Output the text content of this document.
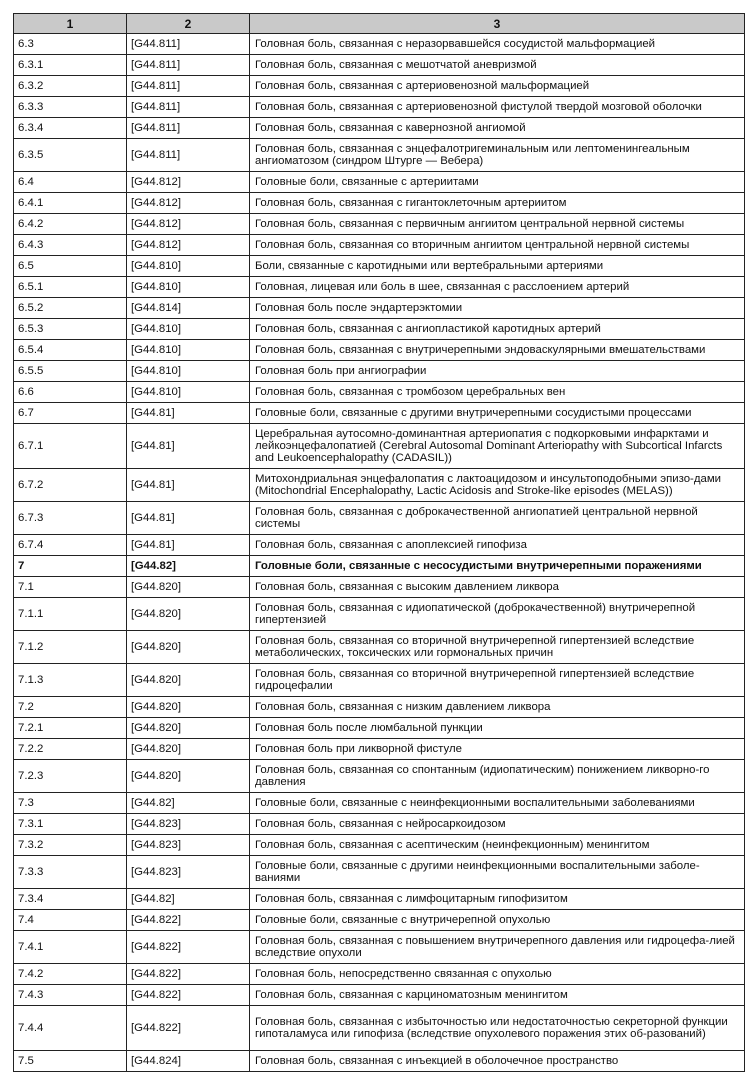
1	2	3
6.3	[G44.811]	Головная боль, связанная с неразорвавшейся сосудистой мальформацией
6.3.1	[G44.811]	Головная боль, связанная с мешотчатой аневризмой
6.3.2	[G44.811]	Головная боль, связанная с артериовенозной мальформацией
6.3.3	[G44.811]	Головная боль, связанная с артериовенозной фистулой твердой мозговой оболочки
6.3.4	[G44.811]	Головная боль, связанная с кавернозной ангиомой
6.3.5	[G44.811]	Головная боль, связанная с энцефалотригеминальным или лептоменингеальным ангиоматозом (синдром Штурге — Вебера)
6.4	[G44.812]	Головные боли, связанные с артериитами
6.4.1	[G44.812]	Головная боль, связанная с гигантоклеточным артериитом
6.4.2	[G44.812]	Головная боль, связанная с первичным ангиитом центральной нервной системы
6.4.3	[G44.812]	Головная боль, связанная со вторичным ангиитом центральной нервной системы
6.5	[G44.810]	Боли, связанные с каротидными или вертебральными артериями
6.5.1	[G44.810]	Головная, лицевая или боль в шее, связанная с расслоением артерий
6.5.2	[G44.814]	Головная боль после эндартерэктомии
6.5.3	[G44.810]	Головная боль, связанная с ангиопластикой каротидных артерий
6.5.4	[G44.810]	Головная боль, связанная с внутричерепными эндоваскулярными вмешательствами
6.5.5	[G44.810]	Головная боль при ангиографии
6.6	[G44.810]	Головная боль, связанная с тромбозом церебральных вен
6.7	[G44.81]	Головные боли, связанные с другими внутричерепными сосудистыми процессами
6.7.1	[G44.81]	Церебральная аутосомно-доминантная артериопатия с подкорковыми инфарктами и лейкоэнцефалопатией (Cerebral Autosomal Dominant Arteriopathy with Subcortical Infarcts and Leukoencephalopathy (CADASIL))
6.7.2	[G44.81]	Митохондриальная энцефалопатия с лактоацидозом и инсультоподобными эпизо-дами (Mitochondrial Encephalopathy, Lactic Acidosis and Stroke-like episodes (MELAS))
6.7.3	[G44.81]	Головная боль, связанная с доброкачественной ангиопатией центральной нервной системы
6.7.4	[G44.81]	Головная боль, связанная с апоплексией гипофиза
7	[G44.82]	Головные боли, связанные с несосудистыми внутричерепными поражениями
7.1	[G44.820]	Головная боль, связанная с высоким давлением ликвора
7.1.1	[G44.820]	Головная боль, связанная с идиопатической (доброкачественной) внутричерепной гипертензией
7.1.2	[G44.820]	Головная боль, связанная со вторичной внутричерепной гипертензией вследствие метаболических, токсических или гормональных причин
7.1.3	[G44.820]	Головная боль, связанная со вторичной внутричерепной гипертензией вследствие гидроцефалии
7.2	[G44.820]	Головная боль, связанная с низким давлением ликвора
7.2.1	[G44.820]	Головная боль после люмбальной пункции
7.2.2	[G44.820]	Головная боль при ликворной фистуле
7.2.3	[G44.820]	Головная боль, связанная со спонтанным (идиопатическим) понижением ликворно-го давления
7.3	[G44.82]	Головные боли, связанные с неинфекционными воспалительными заболеваниями
7.3.1	[G44.823]	Головная боль, связанная с нейросаркоидозом
7.3.2	[G44.823]	Головная боль, связанная с асептическим (неинфекционным) менингитом
7.3.3	[G44.823]	Головные боли, связанные с другими неинфекционными воспалительными заболе-ваниями
7.3.4	[G44.82]	Головная боль, связанная с лимфоцитарным гипофизитом
7.4	[G44.822]	Головные боли, связанные с внутричерепной опухолью
7.4.1	[G44.822]	Головная боль, связанная с повышением внутричерепного давления или гидроцефа-лией вследствие опухоли
7.4.2	[G44.822]	Головная боль, непосредственно связанная с опухолью
7.4.3	[G44.822]	Головная боль, связанная с карциноматозным менингитом
7.4.4	[G44.822]	Головная боль, связанная с избыточностью или недостаточностью секреторной функции гипоталамуса или гипофиза (вследствие опухолевого поражения этих об-разований)
7.5	[G44.824]	Головная боль, связанная с инъекцией в оболочечное пространство
